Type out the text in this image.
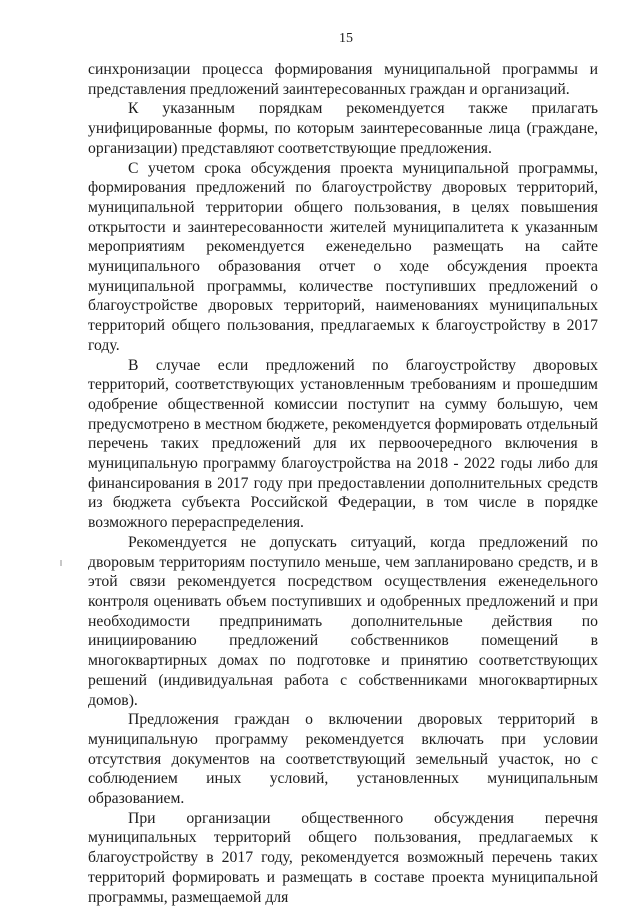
15

синхронизации процесса формирования муниципальной программы и представления предложений заинтересованных граждан и организаций.

К указанным порядкам рекомендуется также прилагать унифицированные формы, по которым заинтересованные лица (граждане, организации) представляют соответствующие предложения.

С учетом срока обсуждения проекта муниципальной программы, формирования предложений по благоустройству дворовых территорий, муниципальной территории общего пользования, в целях повышения открытости и заинтересованности жителей муниципалитета к указанным мероприятиям рекомендуется еженедельно размещать на сайте муниципального образования отчет о ходе обсуждения проекта муниципальной программы, количестве поступивших предложений о благоустройстве дворовых территорий, наименованиях муниципальных территорий общего пользования, предлагаемых к благоустройству в 2017 году.

В случае если предложений по благоустройству дворовых территорий, соответствующих установленным требованиям и прошедшим одобрение общественной комиссии поступит на сумму большую, чем предусмотрено в местном бюджете, рекомендуется формировать отдельный перечень таких предложений для их первоочередного включения в муниципальную программу благоустройства на 2018 - 2022 годы либо для финансирования в 2017 году при предоставлении дополнительных средств из бюджета субъекта Российской Федерации, в том числе в порядке возможного перераспределения.

Рекомендуется не допускать ситуаций, когда предложений по дворовым территориям поступило меньше, чем запланировано средств, и в этой связи рекомендуется посредством осуществления еженедельного контроля оценивать объем поступивших и одобренных предложений и при необходимости предпринимать дополнительные действия по инициированию предложений собственников помещений в многоквартирных домах по подготовке и принятию соответствующих решений (индивидуальная работа с собственниками многоквартирных домов).

Предложения граждан о включении дворовых территорий в муниципальную программу рекомендуется включать при условии отсутствия документов на соответствующий земельный участок, но с соблюдением иных условий, установленных муниципальным образованием.

При организации общественного обсуждения перечня муниципальных территорий общего пользования, предлагаемых к благоустройству в 2017 году, рекомендуется возможный перечень таких территорий формировать и размещать в составе проекта муниципальной программы, размещаемой для
